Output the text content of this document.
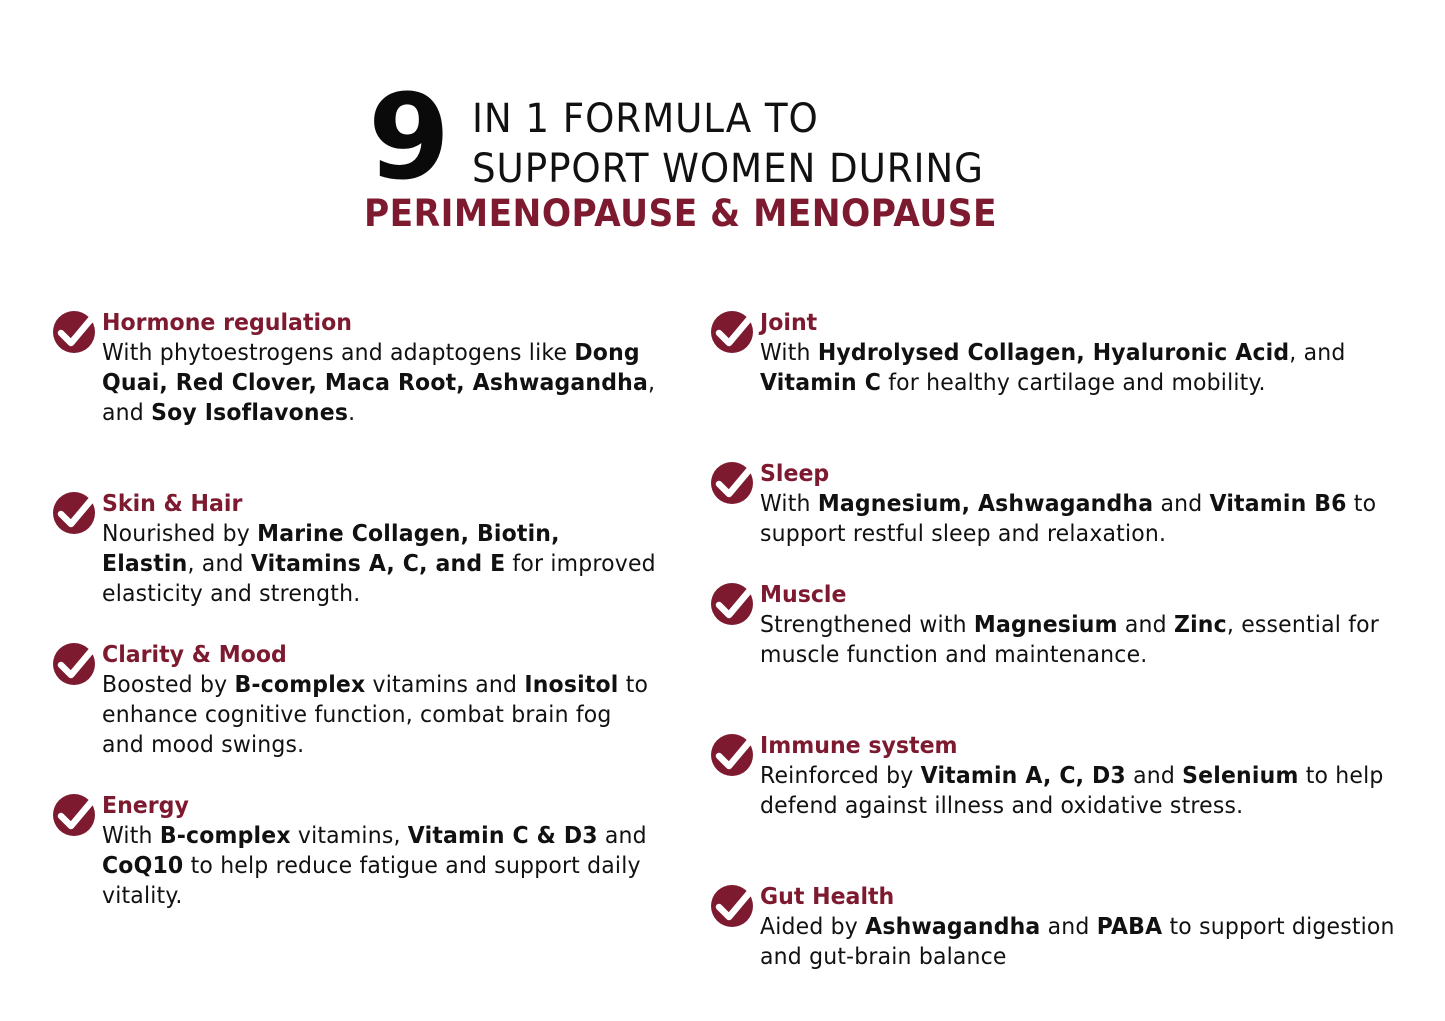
9 IN 1 FORMULA TO
SUPPORT WOMEN DURING
PERIMENOPAUSE & MENOPAUSE
Hormone regulation
With phytoestrogens and adaptogens like Dong Quai, Red Clover, Maca Root, Ashwagandha, and Soy Isoflavones.
Skin & Hair
Nourished by Marine Collagen, Biotin, Elastin, and Vitamins A, C, and E for improved elasticity and strength.
Clarity & Mood
Boosted by B-complex vitamins and Inositol to enhance cognitive function, combat brain fog and mood swings.
Energy
With B-complex vitamins, Vitamin C & D3 and CoQ10 to help reduce fatigue and support daily vitality.
Joint
With Hydrolysed Collagen, Hyaluronic Acid, and Vitamin C for healthy cartilage and mobility.
Sleep
With Magnesium, Ashwagandha and Vitamin B6 to support restful sleep and relaxation.
Muscle
Strengthened with Magnesium and Zinc, essential for muscle function and maintenance.
Immune system
Reinforced by Vitamin A, C, D3 and Selenium to help defend against illness and oxidative stress.
Gut Health
Aided by Ashwagandha and PABA to support digestion and gut-brain balance
